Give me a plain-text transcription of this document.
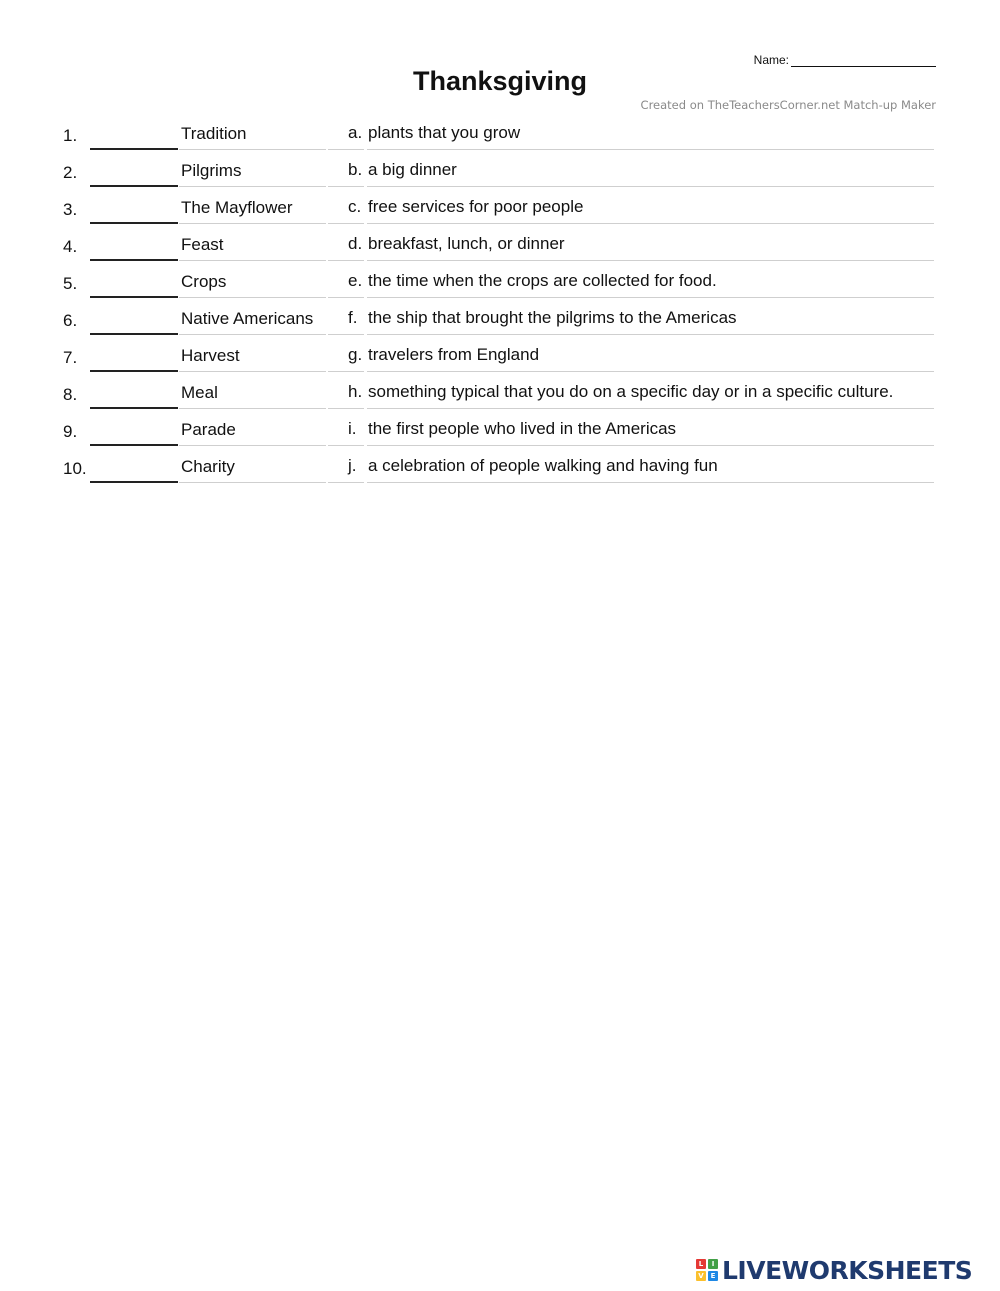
Name:
Thanksgiving
Created on TheTeachersCorner.net Match-up Maker
1.	Tradition	a. plants that you grow
2.	Pilgrims	b. a big dinner
3.	The Mayflower	c. free services for poor people
4.	Feast	d. breakfast, lunch, or dinner
5.	Crops	e. the time when the crops are collected for food.
6.	Native Americans f. the ship that brought the pilgrims to the Americas
7.	Harvest	g. travelers from England
8.	Meal	h. something typical that you do on a specific day or in a specific culture.
9.	Parade	i. the first people who lived in the Americas
10.	Charity	j. a celebration of people walking and having fun
L	I
V E LIVEWORKSHEETS
